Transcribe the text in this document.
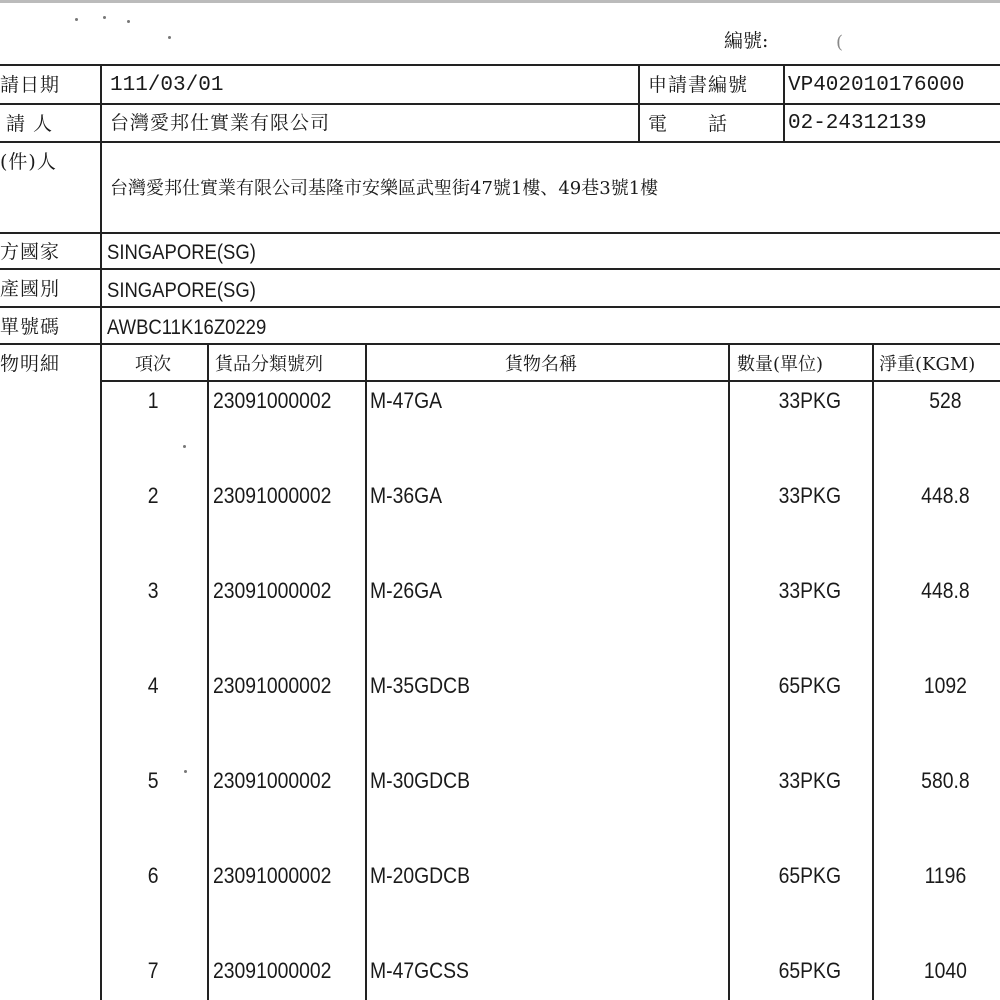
編號:	(
請日期 111/03/01	申請書編號 VP402010176000
請 人	台灣愛邦仕實業有限公司	電　　話	02-24312139
(件)人
台灣愛邦仕實業有限公司基隆市安樂區武聖街47號1樓、49巷3號1樓
方國家 SINGAPORE(SG)
產國別 SINGAPORE(SG)
單號碼 AWBC11K16Z0229
物明細	項次 貨品分類號列	貨物名稱	數量(單位)	淨重(KGM)
1	23091000002 M-47GA	33PKG	528
2	23091000002 M-36GA	33PKG	448.8
3	23091000002 M-26GA	33PKG	448.8
4	23091000002 M-35GDCB	65PKG	1092
5	23091000002 M-30GDCB	33PKG	580.8
6	23091000002 M-20GDCB	65PKG	1196
7	23091000002 M-47GCSS	65PKG	1040
